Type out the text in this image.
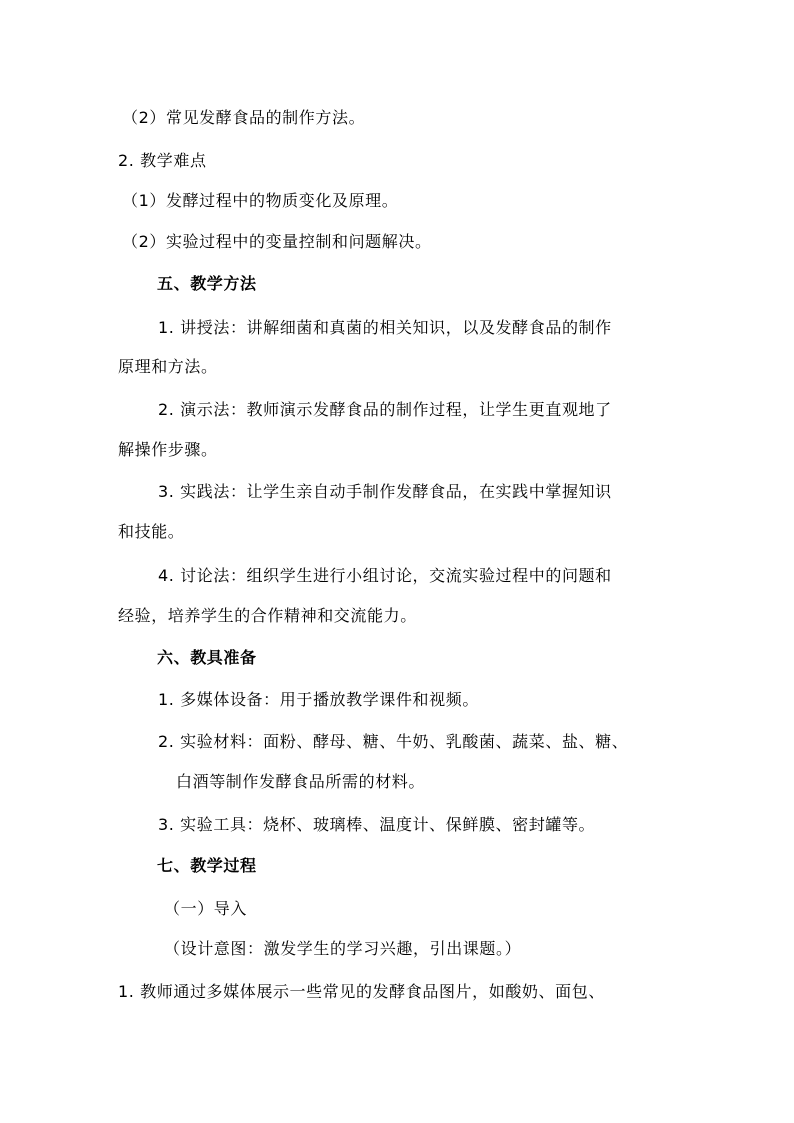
（2）常见发酵食品的制作方法。

2. 教学难点

（1）发酵过程中的物质变化及原理。

（2）实验过程中的变量控制和问题解决。

五、教学方法

1. 讲授法：讲解细菌和真菌的相关知识，以及发酵食品的制作

原理和方法。

2. 演示法：教师演示发酵食品的制作过程，让学生更直观地了

解操作步骤。

3. 实践法：让学生亲自动手制作发酵食品，在实践中掌握知识

和技能。

4. 讨论法：组织学生进行小组讨论，交流实验过程中的问题和

经验，培养学生的合作精神和交流能力。

六、教具准备

1. 多媒体设备：用于播放教学课件和视频。

2. 实验材料：面粉、酵母、糖、牛奶、乳酸菌、蔬菜、盐、糖、

白酒等制作发酵食品所需的材料。

3. 实验工具：烧杯、玻璃棒、温度计、保鲜膜、密封罐等。

七、教学过程

（一）导入

（设计意图：激发学生的学习兴趣，引出课题。）

1. 教师通过多媒体展示一些常见的发酵食品图片，如酸奶、面包、
